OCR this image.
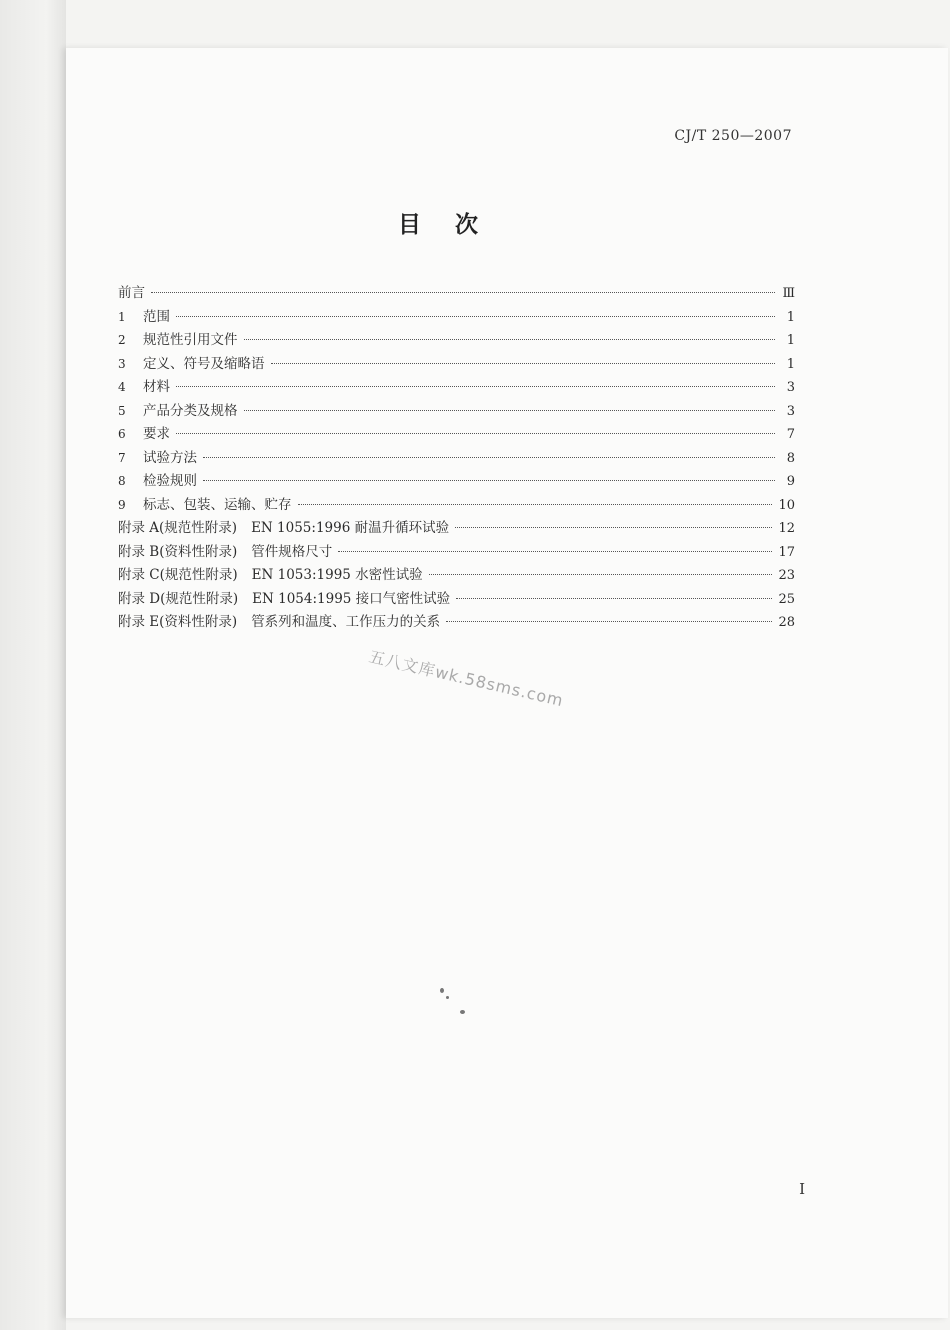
CJ/T 250—2007
目次
前言	Ⅲ
1	范围	1
2	规范性引用文件	1
3	定义、符号及缩略语	1
4	材料	3
5	产品分类及规格	3
6	要求	7
7	试验方法	8
8	检验规则	9
9	标志、包装、运输、贮存	10
附录 A(规范性附录) EN 1055:1996 耐温升循环试验	12
附录 B(资料性附录) 管件规格尺寸	17
附录 C(规范性附录) EN 1053:1995 水密性试验	23
附录 D(规范性附录) EN 1054:1995 接口气密性试验	25
附录 E(资料性附录) 管系列和温度、工作压力的关系	28
五八文库wk.58sms.com
I
